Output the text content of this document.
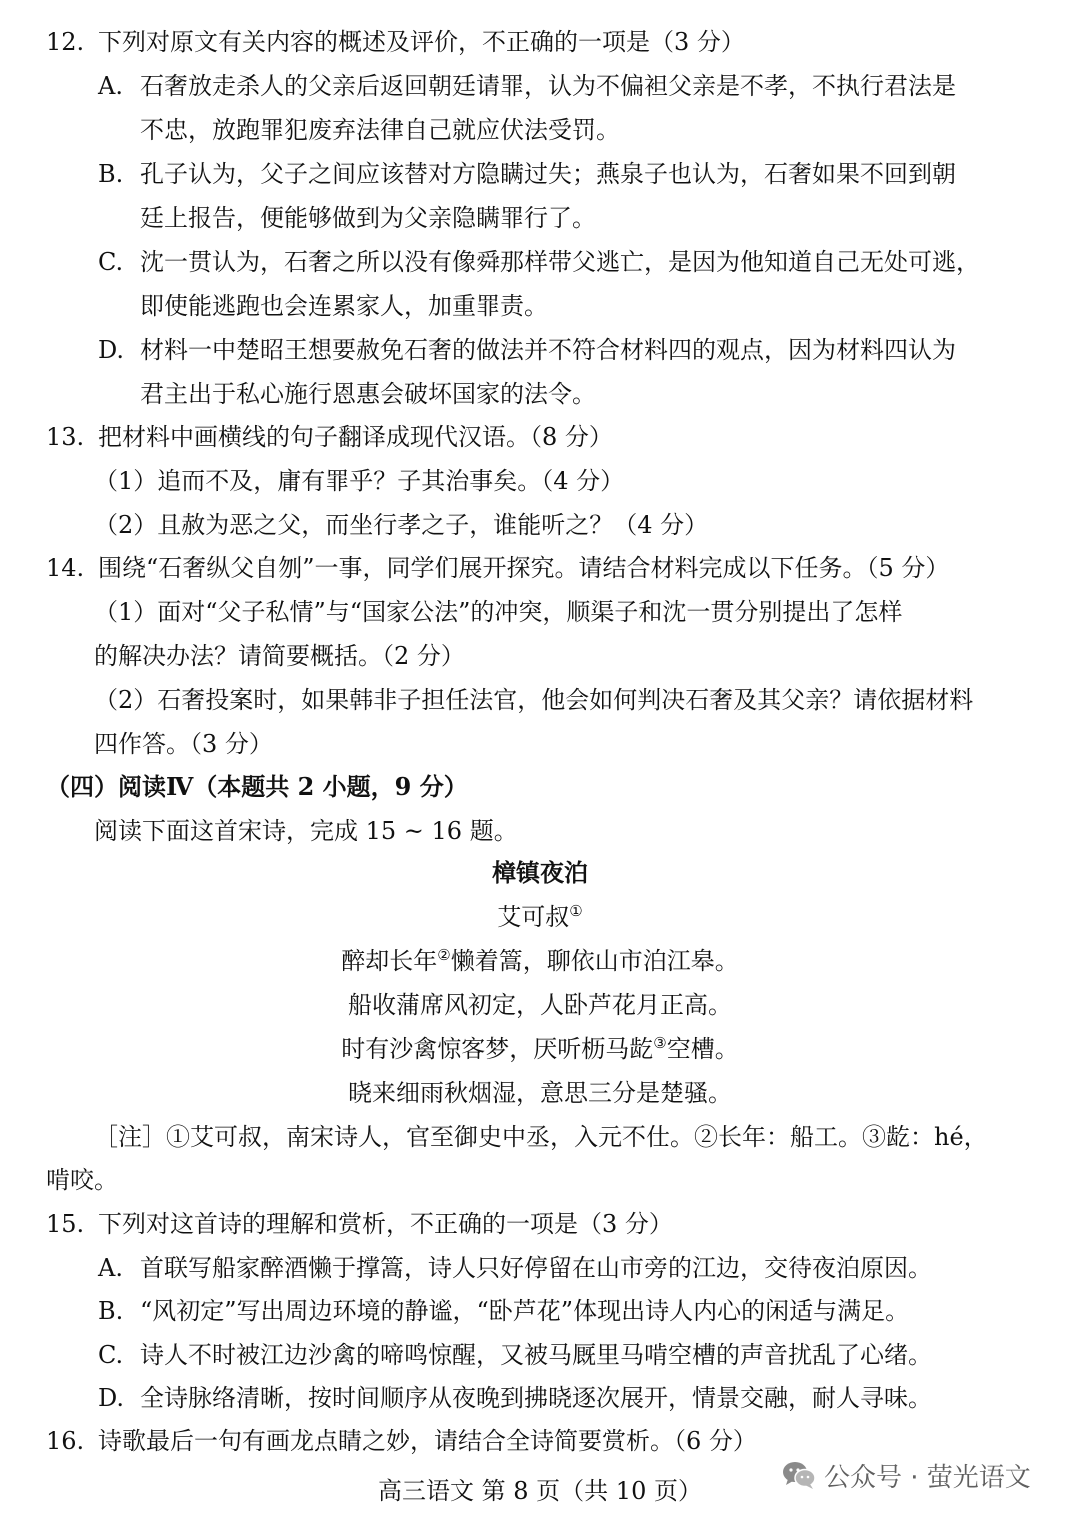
12. 下列对原文有关内容的概述及评价，不正确的一项是（3 分）
A. 石奢放走杀人的父亲后返回朝廷请罪，认为不偏袒父亲是不孝，不执行君法是
不忠，放跑罪犯废弃法律自己就应伏法受罚。
B. 孔子认为，父子之间应该替对方隐瞒过失；燕泉子也认为，石奢如果不回到朝
廷上报告，便能够做到为父亲隐瞒罪行了。
C. 沈一贯认为，石奢之所以没有像舜那样带父逃亡，是因为他知道自己无处可逃，
即使能逃跑也会连累家人，加重罪责。
D. 材料一中楚昭王想要赦免石奢的做法并不符合材料四的观点，因为材料四认为
君主出于私心施行恩惠会破坏国家的法令。
13. 把材料中画横线的句子翻译成现代汉语。（8 分）
（1）追而不及，庸有罪乎？子其治事矣。（4 分）
（2）且赦为恶之父，而坐行孝之子，谁能听之？（4 分）
14. 围绕“石奢纵父自刎”一事，同学们展开探究。请结合材料完成以下任务。（5 分）
（1）面对“父子私情”与“国家公法”的冲突，顺渠子和沈一贯分别提出了怎样
的解决办法？请简要概括。（2 分）
（2）石奢投案时，如果韩非子担任法官，他会如何判决石奢及其父亲？请依据材料
四作答。（3 分）
（四）阅读Ⅳ（本题共 2 小题，9 分）
阅读下面这首宋诗，完成 15 ~ 16 题。
樟镇夜泊
艾可叔①
醉却长年②懒着篙，聊依山市泊江皋。
船收蒲席风初定，人卧芦花月正高。
时有沙禽惊客梦，厌听枥马龁③空槽。
晓来细雨秋烟湿，意思三分是楚骚。
［注］①艾可叔，南宋诗人，官至御史中丞，入元不仕。②长年：船工。③龁：hé，
啃咬。
15. 下列对这首诗的理解和赏析，不正确的一项是（3 分）
A. 首联写船家醉酒懒于撑篙，诗人只好停留在山市旁的江边，交待夜泊原因。
B. “风初定”写出周边环境的静谧，“卧芦花”体现出诗人内心的闲适与满足。
C. 诗人不时被江边沙禽的啼鸣惊醒，又被马厩里马啃空槽的声音扰乱了心绪。
D. 全诗脉络清晰，按时间顺序从夜晚到拂晓逐次展开，情景交融，耐人寻味。
16. 诗歌最后一句有画龙点睛之妙，请结合全诗简要赏析。（6 分）
高三语文 第 8 页（共 10 页）	公众号 · 萤光语文
